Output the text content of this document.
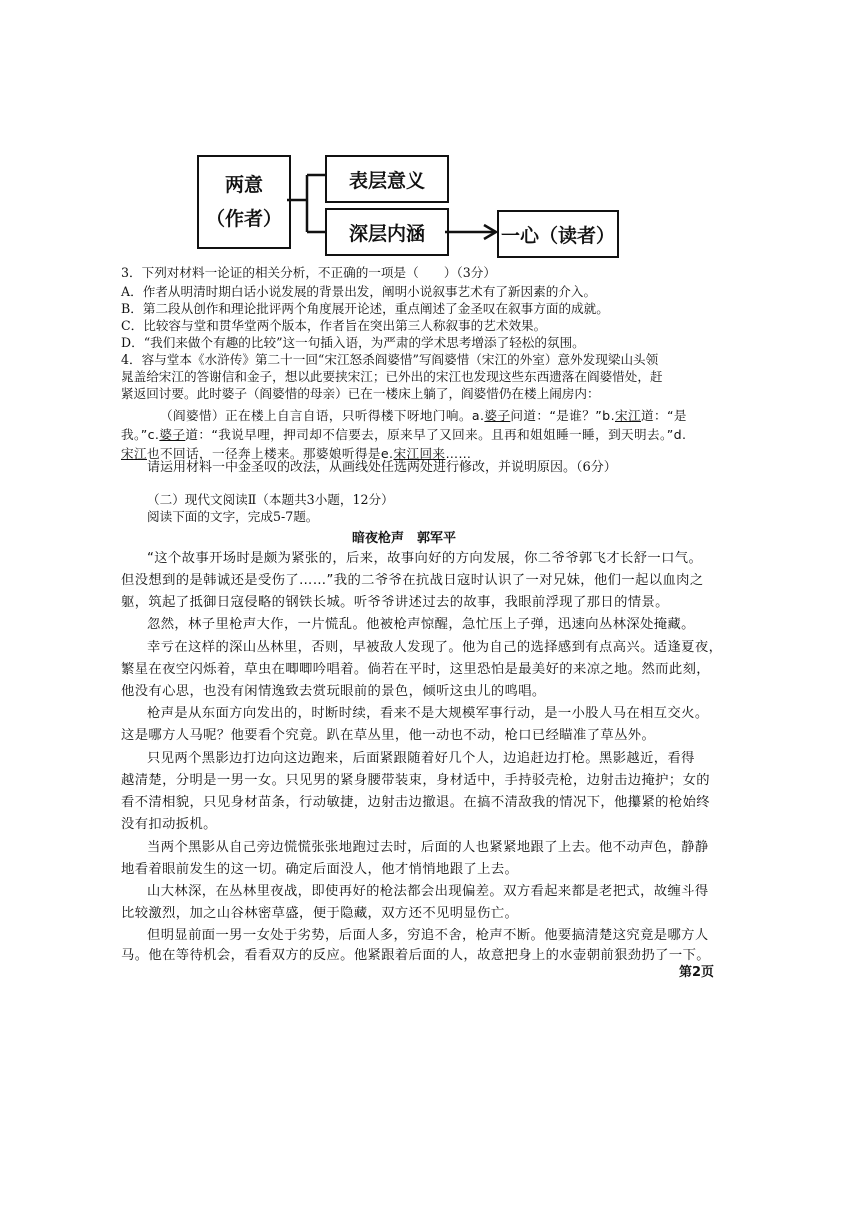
两意
（作者）
表层意义
深层内涵	一心（读者）
3．下列对材料一论证的相关分析，不正确的一项是（　　）（3分）
A．作者从明清时期白话小说发展的背景出发，阐明小说叙事艺术有了新因素的介入。
B．第二段从创作和理论批评两个角度展开论述，重点阐述了金圣叹在叙事方面的成就。
C．比较容与堂和贯华堂两个版本，作者旨在突出第三人称叙事的艺术效果。
D．“我们来做个有趣的比较”这一句插入语，为严肃的学术思考增添了轻松的氛围。
4．容与堂本《水浒传》第二十一回“宋江怒杀阎婆惜”写阎婆惜（宋江的外室）意外发现梁山头领
晁盖给宋江的答谢信和金子，想以此要挟宋江；已外出的宋江也发现这些东西遗落在阎婆惜处，赶
紧返回讨要。此时婆子（阎婆惜的母亲）已在一楼床上躺了，阎婆惜仍在楼上闹房内：
（阎婆惜）正在楼上自言自语，只听得楼下呀地门响。a.婆子问道：“是谁？”b.宋江道：“是
我。”c.婆子道：“我说早哩，押司却不信要去，原来早了又回来。且再和姐姐睡一睡，到天明去。”d.
宋江也不回话，一径奔上楼来。那婆娘听得是e.宋江回来……
请运用材料一中金圣叹的改法，从画线处任选两处进行修改，并说明原因。（6分）
（二）现代文阅读Ⅱ（本题共3小题，12分）
阅读下面的文字，完成5-7题。
暗夜枪声　郭军平
“这个故事开场时是颇为紧张的，后来，故事向好的方向发展，你二爷爷郭飞才长舒一口气。
但没想到的是韩诚还是受伤了……”我的二爷爷在抗战日寇时认识了一对兄妹，他们一起以血肉之
躯，筑起了抵御日寇侵略的钢铁长城。听爷爷讲述过去的故事，我眼前浮现了那日的情景。
忽然，林子里枪声大作，一片慌乱。他被枪声惊醒，急忙压上子弹，迅速向丛林深处掩藏。
幸亏在这样的深山丛林里，否则，早被敌人发现了。他为自己的选择感到有点高兴。适逢夏夜，
繁星在夜空闪烁着，草虫在唧唧吟唱着。倘若在平时，这里恐怕是最美好的来凉之地。然而此刻，
他没有心思，也没有闲情逸致去赏玩眼前的景色，倾听这虫儿的鸣唱。
枪声是从东面方向发出的，时断时续，看来不是大规模军事行动，是一小股人马在相互交火。
这是哪方人马呢？他要看个究竟。趴在草丛里，他一动也不动，枪口已经瞄准了草丛外。
只见两个黑影边打边向这边跑来，后面紧跟随着好几个人，边追赶边打枪。黑影越近，看得
越清楚，分明是一男一女。只见男的紧身腰带装束，身材适中，手持驳壳枪，边射击边掩护；女的
看不清相貌，只见身材苗条，行动敏捷，边射击边撤退。在搞不清敌我的情况下，他攥紧的枪始终
没有扣动扳机。
当两个黑影从自己旁边慌慌张张地跑过去时，后面的人也紧紧地跟了上去。他不动声色，静静
地看着眼前发生的这一切。确定后面没人，他才悄悄地跟了上去。
山大林深，在丛林里夜战，即使再好的枪法都会出现偏差。双方看起来都是老把式，故缠斗得
比较激烈，加之山谷林密草盛，便于隐藏，双方还不见明显伤亡。
但明显前面一男一女处于劣势，后面人多，穷追不舍，枪声不断。他要搞清楚这究竟是哪方人
马。他在等待机会，看看双方的反应。他紧跟着后面的人，故意把身上的水壶朝前狠劲扔了一下。
第2页
